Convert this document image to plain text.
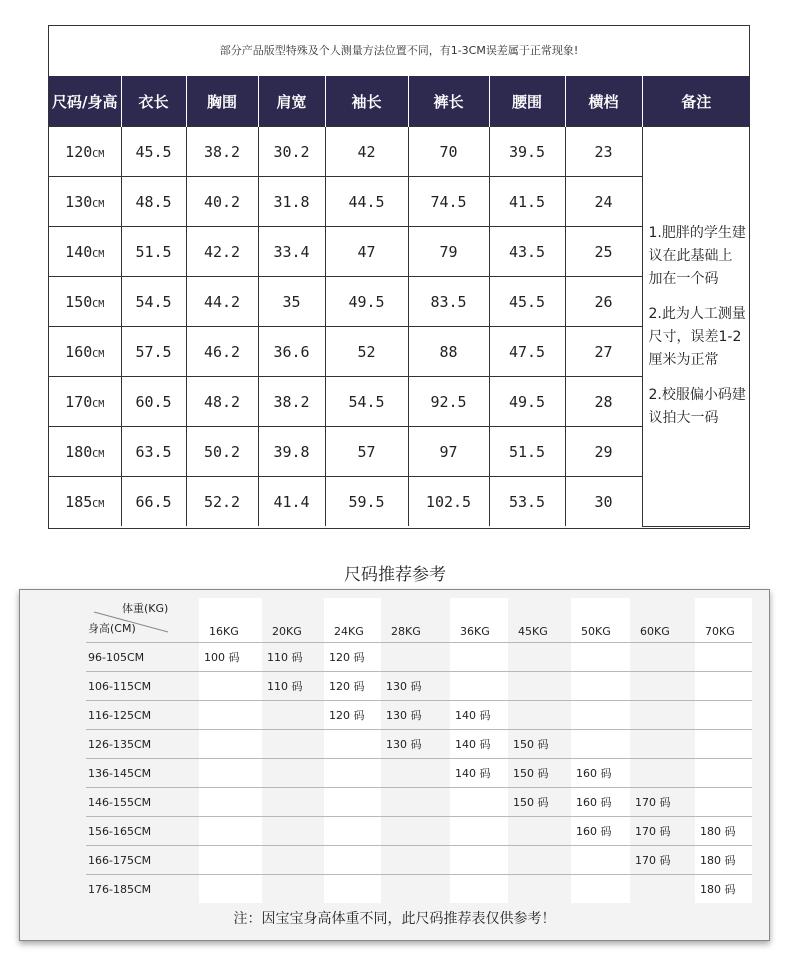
部分产品版型特殊及个人测量方法位置不同，有1-3CM误差属于正常现象!
尺码/身高	衣长	胸围	肩宽	袖长	裤长	腰围	横档	备注
120CM	45.5	38.2	30.2	42	70	39.5	23	1.肥胖的学生建议在此基础上加在一个码

2.此为人工测量尺寸，误差1-2厘米为正常

2.校服偏小码建议拍大一码

130CM	48.5	40.2	31.8	44.5	74.5	41.5	24	
140CM	51.5	42.2	33.4	47	79	43.5	25	
150CM	54.5	44.2	35	49.5	83.5	45.5	26	
160CM	57.5	46.2	36.6	52	88	47.5	27	
170CM	60.5	48.2	38.2	54.5	92.5	49.5	28	
180CM	63.5	50.2	39.8	57	97	51.5	29	
185CM	66.5	52.2	41.4	59.5	102.5	53.5	30	
尺码推荐参考
体重(KG)
身高(CM)	16KG	20KG	24KG	28KG	36KG	45KG	50KG	60KG	70KG
96-105CM	100 码	110 码	120 码						
106-115CM		110 码	120 码	130 码					
116-125CM			120 码	130 码	140 码				
126-135CM				130 码	140 码	150 码			
136-145CM					140 码	150 码	160 码		
146-155CM						150 码	160 码	170 码	
156-165CM							160 码	170 码	180 码
166-175CM								170 码	180 码
176-185CM									180 码
注：因宝宝身高体重不同，此尺码推荐表仅供参考！
